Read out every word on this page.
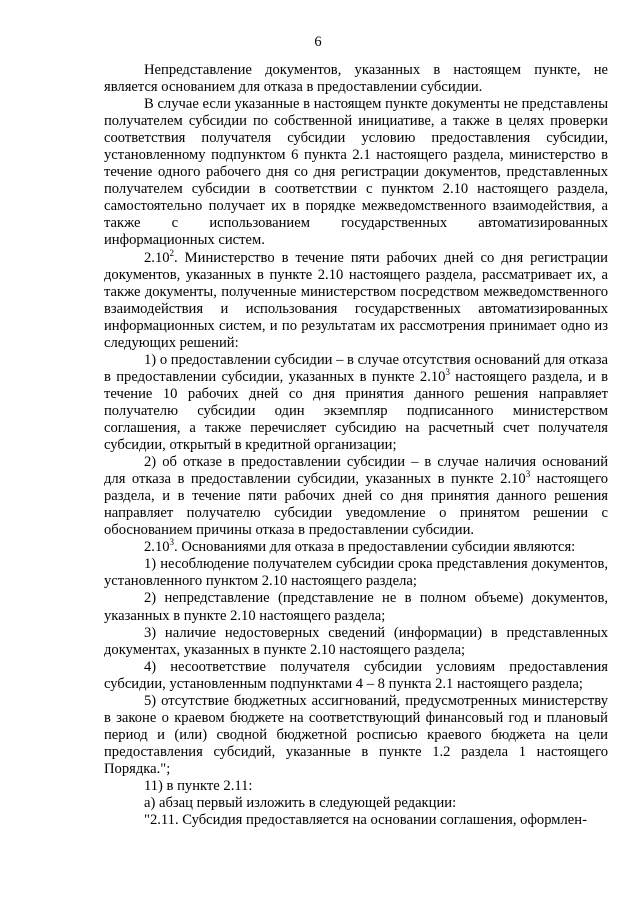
6

Непредставление документов, указанных в настоящем пункте, не является основанием для отказа в предоставлении субсидии.

В случае если указанные в настоящем пункте документы не представлены получателем субсидии по собственной инициативе, а также в целях проверки соответствия получателя субсидии условию предоставления субсидии, установленному подпунктом 6 пункта 2.1 настоящего раздела, министерство в течение одного рабочего дня со дня регистрации документов, представленных получателем субсидии в соответствии с пунктом 2.10 настоящего раздела, самостоятельно получает их в порядке межведомственного взаимодействия, а также с использованием государственных автоматизированных информационных систем.

2.10$^2$. Министерство в течение пяти рабочих дней со дня регистрации документов, указанных в пункте 2.10 настоящего раздела, рассматривает их, а также документы, полученные министерством посредством межведомственного взаимодействия и использования государственных автоматизированных информационных систем, и по результатам их рассмотрения принимает одно из следующих решений:

1) о предоставлении субсидии – в случае отсутствия оснований для отказа в предоставлении субсидии, указанных в пункте 2.10$^3$ настоящего раздела, и в течение 10 рабочих дней со дня принятия данного решения направляет получателю субсидии один экземпляр подписанного министерством соглашения, а также перечисляет субсидию на расчетный счет получателя субсидии, открытый в кредитной организации;

2) об отказе в предоставлении субсидии – в случае наличия оснований для отказа в предоставлении субсидии, указанных в пункте 2.10$^3$ настоящего раздела, и в течение пяти рабочих дней со дня принятия данного решения направляет получателю субсидии уведомление о принятом решении с обоснованием причины отказа в предоставлении субсидии.

2.10$^3$. Основаниями для отказа в предоставлении субсидии являются:

1) несоблюдение получателем субсидии срока представления документов, установленного пунктом 2.10 настоящего раздела;

2) непредставление (представление не в полном объеме) документов, указанных в пункте 2.10 настоящего раздела;

3) наличие недостоверных сведений (информации) в представленных документах, указанных в пункте 2.10 настоящего раздела;

4) несоответствие получателя субсидии условиям предоставления субсидии, установленным подпунктами 4 – 8 пункта 2.1 настоящего раздела;

5) отсутствие бюджетных ассигнований, предусмотренных министерству в законе о краевом бюджете на соответствующий финансовый год и плановый период и (или) сводной бюджетной росписью краевого бюджета на цели предоставления субсидий, указанные в пункте 1.2 раздела 1 настоящего Порядка.";

11) в пункте 2.11:

а) абзац первый изложить в следующей редакции:

"2.11. Субсидия предоставляется на основании соглашения, оформлен-
